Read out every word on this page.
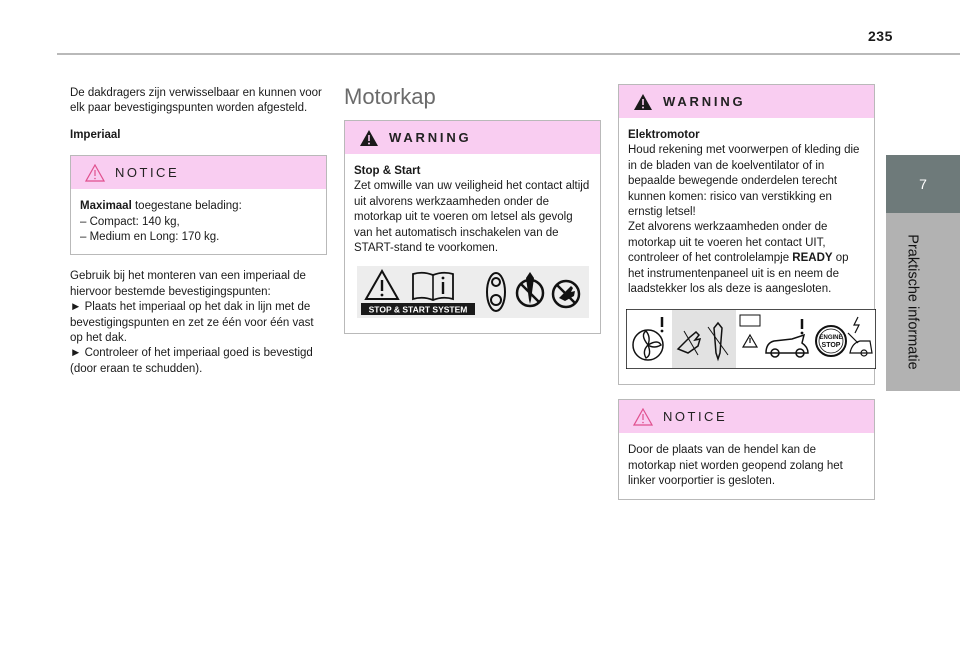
235
7
Praktische informatie

De dakdragers zijn verwisselbaar en kunnen voor elk paar bevestigingspunten worden afgesteld.

Imperiaal

NOTICE

Maximaal toegestane belading:

– Compact: 140 kg,

– Medium en Long: 170 kg.

Gebruik bij het monteren van een imperiaal de hiervoor bestemde bevestigingspunten:

► Plaats het imperiaal op het dak in lijn met de bevestigingspunten en zet ze één voor één vast op het dak.

► Controleer of het imperiaal goed is bevestigd (door eraan te schudden).

Motorkap
WARNING

Stop & Start

Zet omwille van uw veiligheid het contact altijd uit alvorens werkzaamheden onder de motorkap uit te voeren om letsel als gevolg van het automatisch inschakelen van de START-stand te voorkomen.

STOP & START SYSTEM
WARNING

Elektromotor

Houd rekening met voorwerpen of kleding die in de bladen van de koelventilator of in bepaalde bewegende onderdelen terecht kunnen komen: risico van verstikking en ernstig letsel!

Zet alvorens werkzaamheden onder de motorkap uit te voeren het contact UIT, controleer of het controlelampje READY op het instrumentenpaneel uit is en neem de laadstekker los als deze is aangesloten.

ENGINE
STOP
NOTICE

Door de plaats van de hendel kan de motorkap niet worden geopend zolang het linker voorportier is gesloten.
